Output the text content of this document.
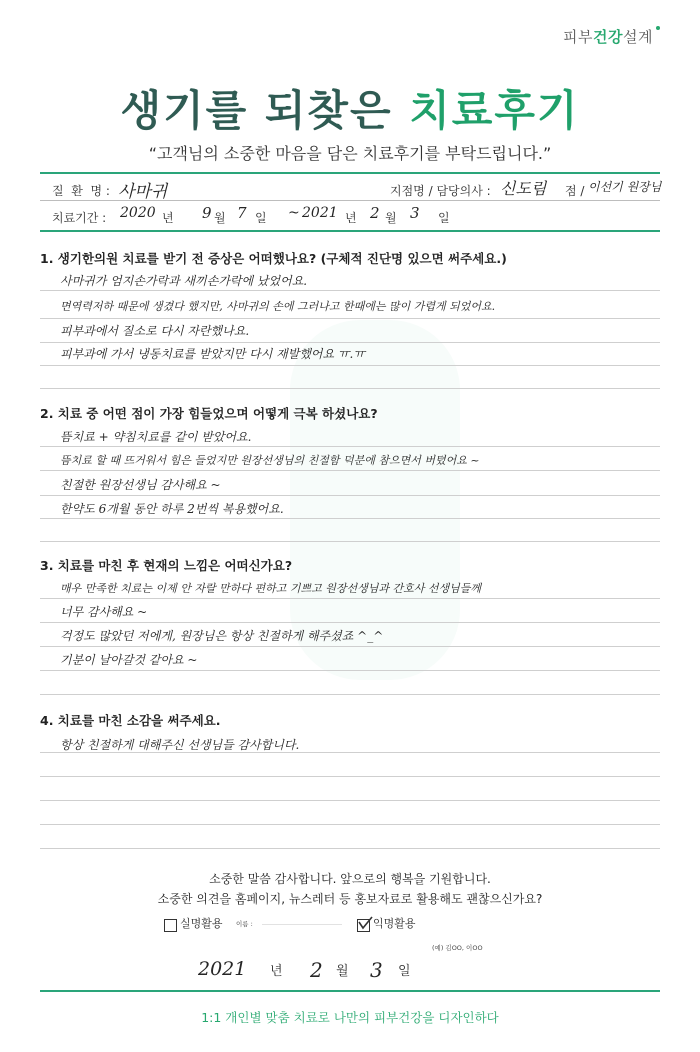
피부건강설계
생기를 되찾은 치료후기
“고객님의 소중한 마음을 담은 치료후기를 부탁드립니다.”
질  환  명 : 사마귀	지점명 / 담당의사 : 신도림 점 / 이선기 원장님
치료기간 : 2020 년 9 월 7 일 ~ 2021 년 2 월 3 일
1. 생기한의원 치료를 받기 전 증상은 어떠했나요? (구체적 진단명 있으면 써주세요.)
사마귀가 엄지손가락과 새끼손가락에 났었어요.
면역력저하 때문에 생겼다 했지만, 사마귀의 손에 그러나고 한때에는 많이 가렵게 되었어요.
피부과에서 질소로 다시 자란했나요.
피부과에 가서 냉동치료를 받았지만 다시 재발했어요 ㅠ.ㅠ
2. 치료 중 어떤 점이 가장 힘들었으며 어떻게 극복 하셨나요?
뜸치료 + 약침치료를 같이 받았어요.
뜸치료 할 때 뜨거워서 힘은 들었지만 원장선생님의 친절함 덕분에 참으면서 버텼어요 ~
친절한 원장선생님 감사해요 ~
한약도 6개월 동안 하루 2번씩 복용했어요.
3. 치료를 마친 후 현재의 느낌은 어떠신가요?
매우 만족한 치료는 이제 안 자랄 만하다 편하고 기쁘고 원장선생님과 간호사 선생님들께
너무 감사해요 ~
걱정도 많았던 저에게, 원장님은 항상 친절하게 해주셨죠 ^_^
기분이 날아갈것 같아요 ~
4. 치료를 마친 소감을 써주세요.
항상 친절하게 대해주신 선생님들 감사합니다.
소중한 말씀 감사합니다. 앞으로의 행복을 기원합니다.
소중한 의견을 홈페이지, 뉴스레터 등 홍보자료로 활용해도 괜찮으신가요?
실명활용 이름 :	익명활용
(예) 김OO, 이OO
2021 년 2 월 3 일
1:1 개인별 맞춤 치료로 나만의 피부건강을 디자인하다
